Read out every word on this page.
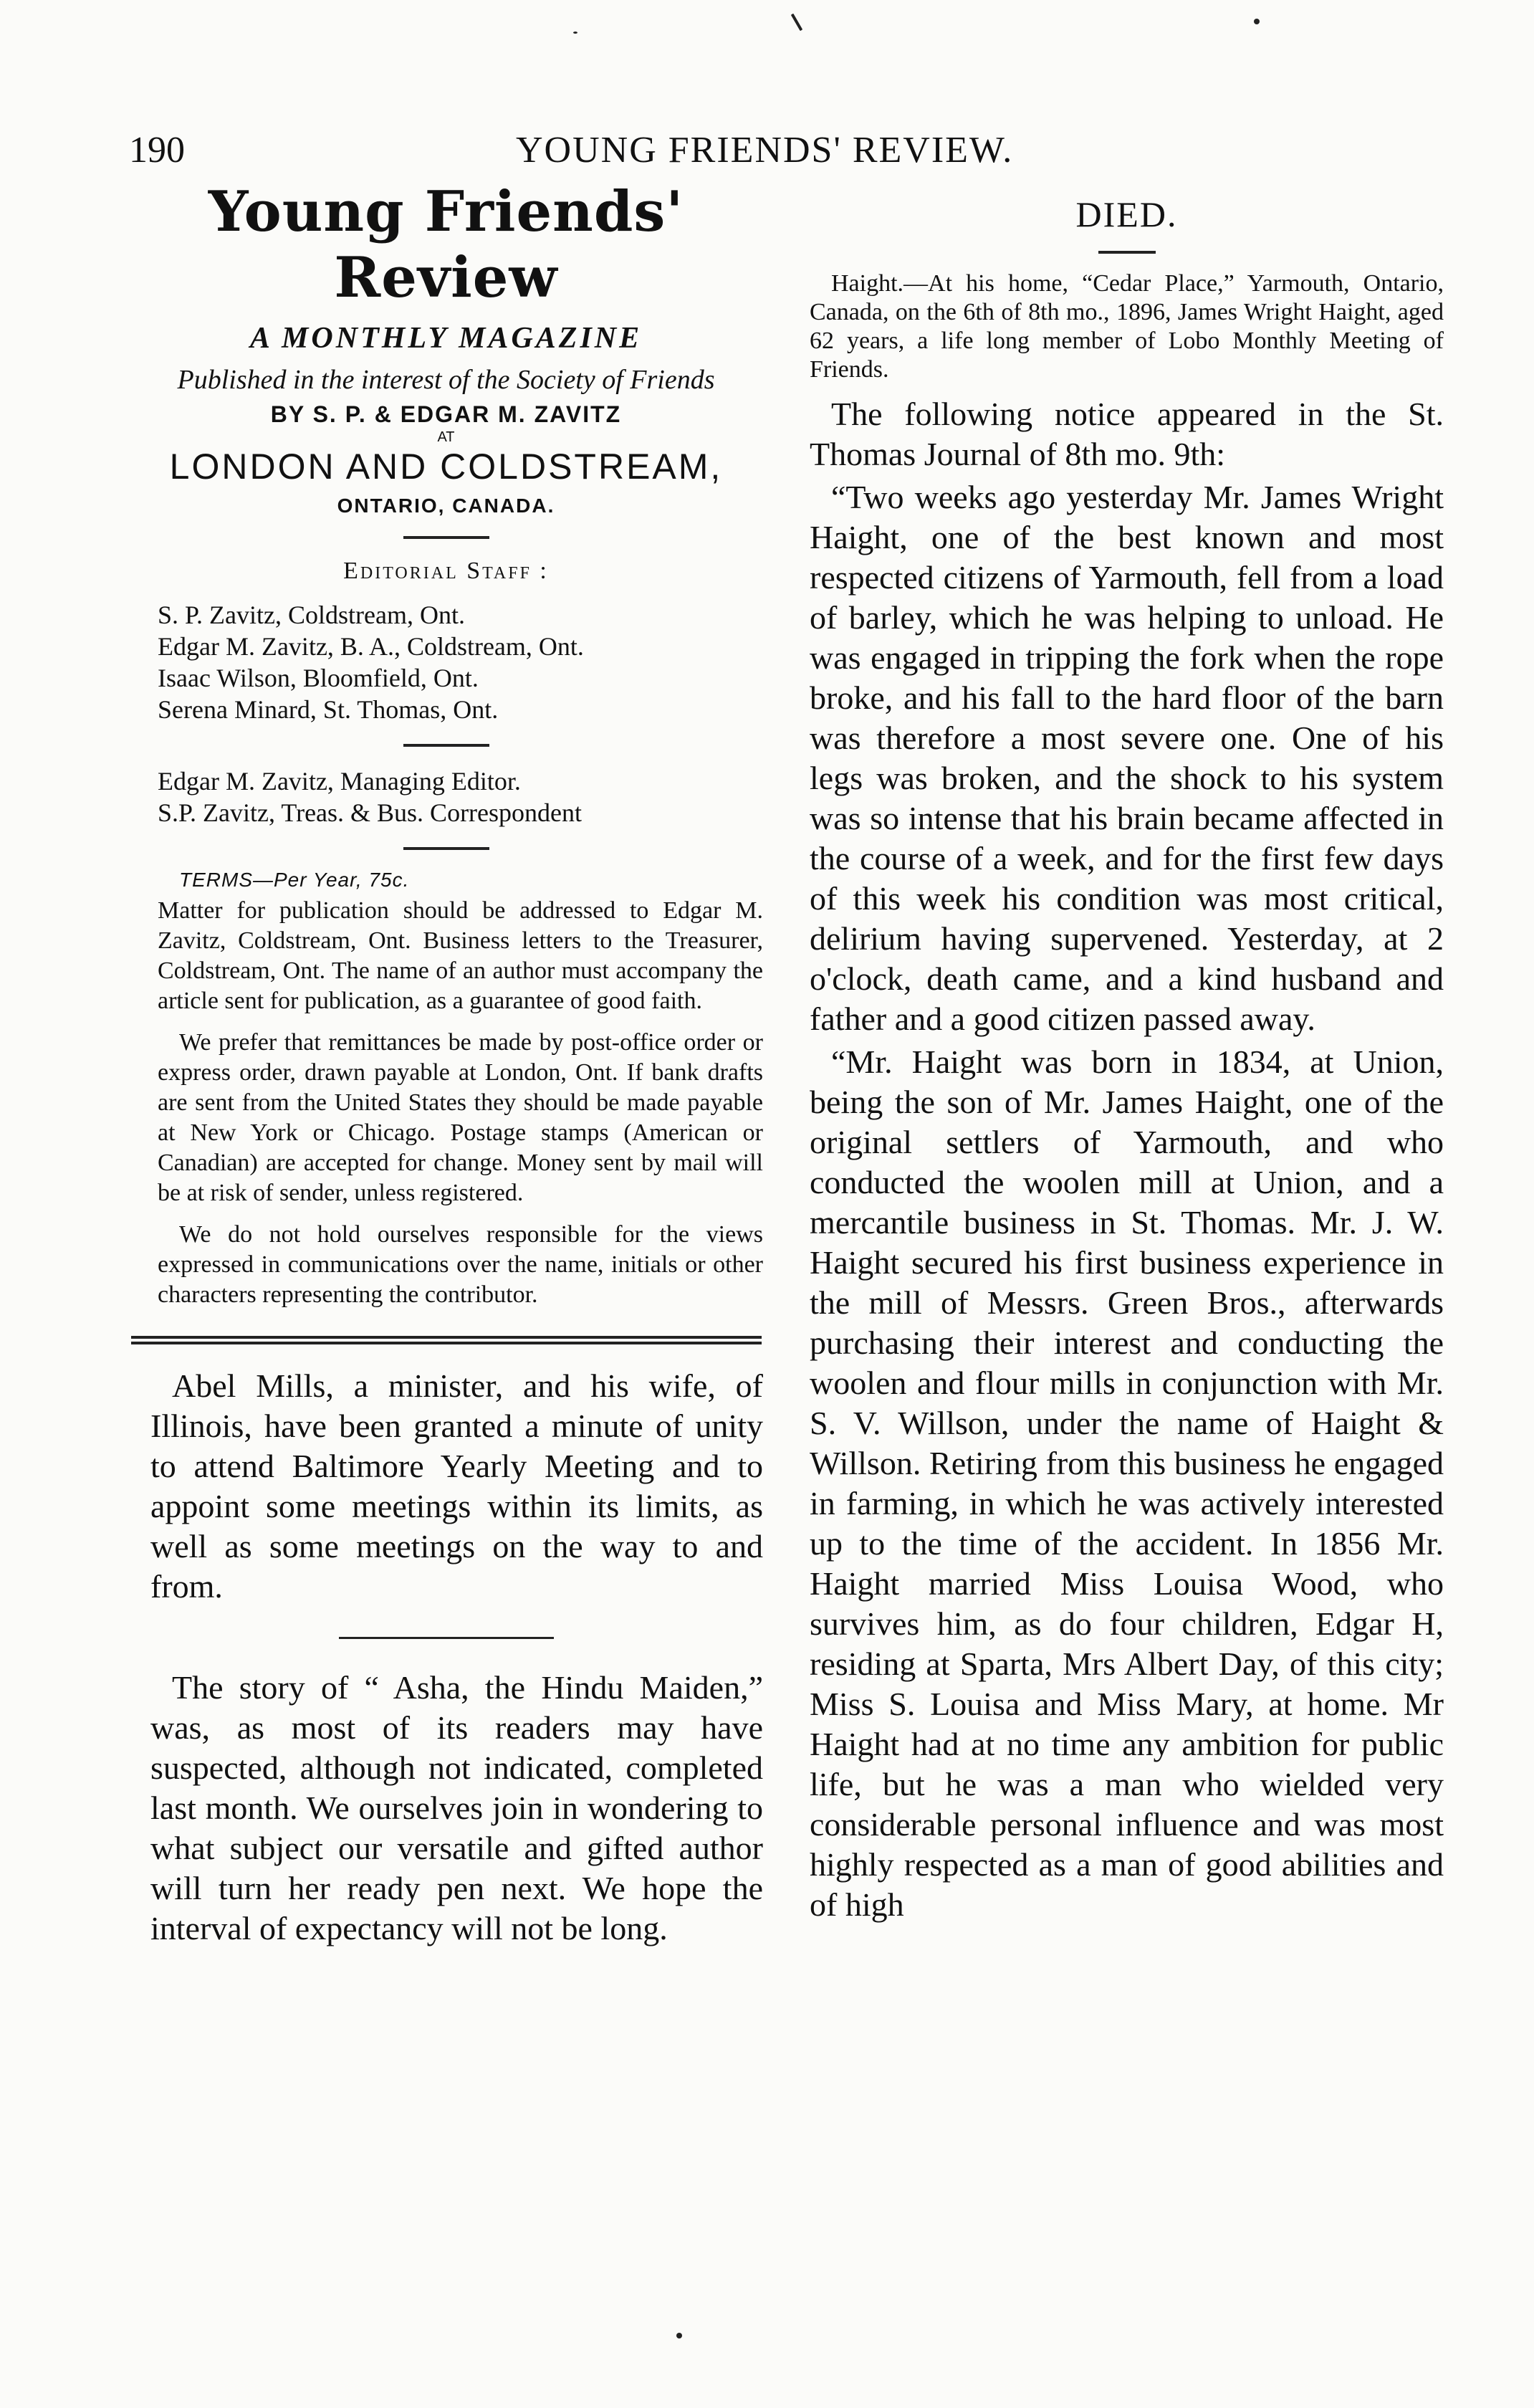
190	YOUNG FRIENDS' REVIEW.
Young Friends' Review
A MONTHLY MAGAZINE
Published in the interest of the Society of Friends
BY S. P. & EDGAR M. ZAVITZ
AT
LONDON AND COLDSTREAM,
ONTARIO, CANADA.
Editorial Staff :
S. P. Zavitz, Coldstream, Ont.
Edgar M. Zavitz, B. A., Coldstream, Ont.
Isaac Wilson, Bloomfield, Ont.
Serena Minard, St. Thomas, Ont.
Edgar M. Zavitz, Managing Editor.
S.P. Zavitz, Treas. & Bus. Correspondent
TERMS—Per Year, 75c.
Matter for publication should be addressed to Edgar M. Zavitz, Coldstream, Ont. Business letters to the Treasurer, Coldstream, Ont. The name of an author must accompany the article sent for publication, as a guarantee of good faith.
We prefer that remittances be made by post-office order or express order, drawn payable at London, Ont. If bank drafts are sent from the United States they should be made payable at New York or Chicago. Postage stamps (American or Canadian) are accepted for change. Money sent by mail will be at risk of sender, unless registered.
We do not hold ourselves responsible for the views expressed in communications over the name, initials or other characters representing the contributor.
Abel Mills, a minister, and his wife, of Illinois, have been granted a minute of unity to attend Baltimore Yearly Meeting and to appoint some meetings within its limits, as well as some meetings on the way to and from.
The story of “ Asha, the Hindu Maiden,” was, as most of its readers may have suspected, although not indicated, completed last month. We ourselves join in wondering to what subject our versatile and gifted author will turn her ready pen next. We hope the interval of expectancy will not be long.
DIED.
Haight.—At his home, “Cedar Place,” Yarmouth, Ontario, Canada, on the 6th of 8th mo., 1896, James Wright Haight, aged 62 years, a life long member of Lobo Monthly Meeting of Friends.
The following notice appeared in the St. Thomas Journal of 8th mo. 9th:
“Two weeks ago yesterday Mr. James Wright Haight, one of the best known and most respected citizens of Yarmouth, fell from a load of barley, which he was helping to unload. He was engaged in tripping the fork when the rope broke, and his fall to the hard floor of the barn was therefore a most severe one. One of his legs was broken, and the shock to his system was so intense that his brain became affected in the course of a week, and for the first few days of this week his condition was most critical, delirium having supervened. Yesterday, at 2 o'clock, death came, and a kind husband and father and a good citizen passed away.
“Mr. Haight was born in 1834, at Union, being the son of Mr. James Haight, one of the original settlers of Yarmouth, and who conducted the woolen mill at Union, and a mercantile business in St. Thomas. Mr. J. W. Haight secured his first business experience in the mill of Messrs. Green Bros., afterwards purchasing their interest and conducting the woolen and flour mills in conjunction with Mr. S. V. Willson, under the name of Haight & Willson. Retiring from this business he engaged in farming, in which he was actively interested up to the time of the accident. In 1856 Mr. Haight married Miss Louisa Wood, who survives him, as do four children, Edgar H, residing at Sparta, Mrs Albert Day, of this city; Miss S. Louisa and Miss Mary, at home. Mr Haight had at no time any ambition for public life, but he was a man who wielded very considerable personal influence and was most highly respected as a man of good abilities and of high
